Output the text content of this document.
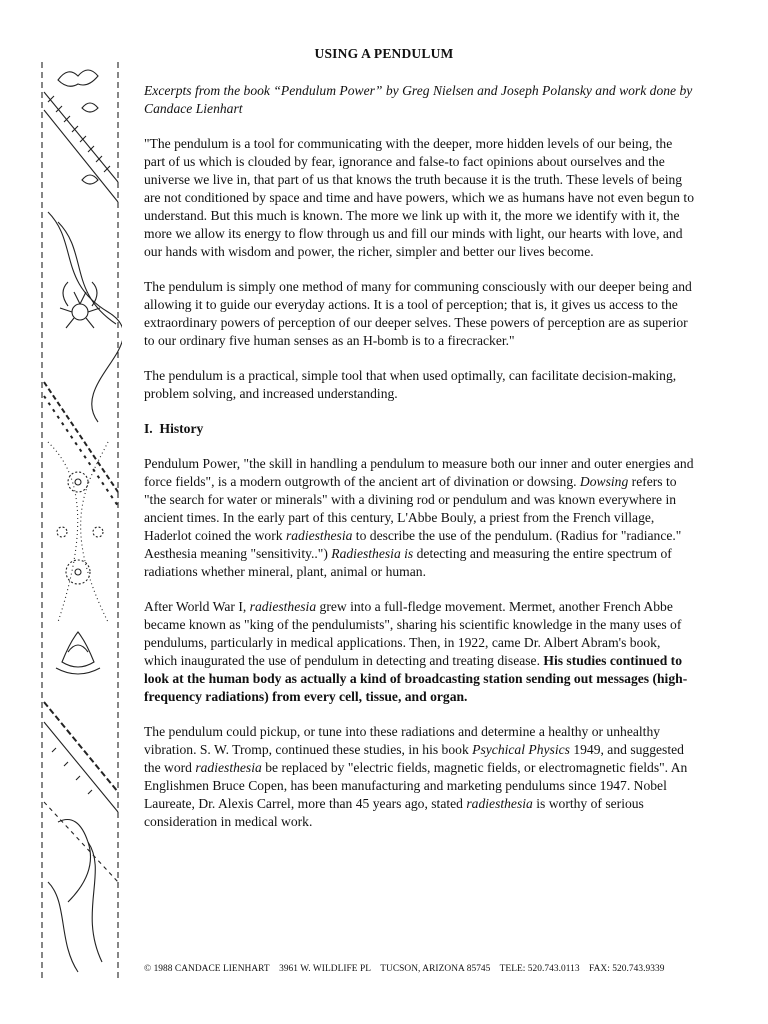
USING A PENDULUM

Excerpts from the book “Pendulum Power” by Greg Nielsen and Joseph Polansky and work done by Candace Lienhart

"The pendulum is a tool for communicating with the deeper, more hidden levels of our being, the part of us which is clouded by fear, ignorance and false-to fact opinions about ourselves and the universe we live in, that part of us that knows the truth because it is the truth. These levels of being are not conditioned by space and time and have powers, which we as humans have not even begun to understand. But this much is known. The more we link up with it, the more we identify with it, the more we allow its energy to flow through us and fill our minds with light, our hearts with love, and our hands with wisdom and power, the richer, simpler and better our lives become.

The pendulum is simply one method of many for communing consciously with our deeper being and allowing it to guide our everyday actions. It is a tool of perception; that is, it gives us access to the extraordinary powers of perception of our deeper selves. These powers of perception are as superior to our ordinary five human senses as an H-bomb is to a firecracker."

The pendulum is a practical, simple tool that when used optimally, can facilitate decision-making, problem solving, and increased understanding.

I. History

Pendulum Power, "the skill in handling a pendulum to measure both our inner and outer energies and force fields", is a modern outgrowth of the ancient art of divination or dowsing. Dowsing refers to "the search for water or minerals" with a divining rod or pendulum and was known everywhere in ancient times. In the early part of this century, L'Abbe Bouly, a priest from the French village, Haderlot coined the work radiesthesia to describe the use of the pendulum. (Radius for "radiance." Aesthesia meaning "sensitivity..") Radiesthesia is detecting and measuring the entire spectrum of radiations whether mineral, plant, animal or human.

After World War I, radiesthesia grew into a full-fledge movement. Mermet, another French Abbe became known as "king of the pendulumists", sharing his scientific knowledge in the many uses of pendulums, particularly in medical applications. Then, in 1922, came Dr. Albert Abram's book, which inaugurated the use of pendulum in detecting and treating disease. His studies continued to look at the human body as actually a kind of broadcasting station sending out messages (high-frequency radiations) from every cell, tissue, and organ.

The pendulum could pickup, or tune into these radiations and determine a healthy or unhealthy vibration. S. W. Tromp, continued these studies, in his book Psychical Physics 1949, and suggested the word radiesthesia be replaced by "electric fields, magnetic fields, or electromagnetic fields". An Englishmen Bruce Copen, has been manufacturing and marketing pendulums since 1947. Nobel Laureate, Dr. Alexis Carrel, more than 45 years ago, stated radiesthesia is worthy of serious consideration in medical work.

© 1988 CANDACE LIENHART 3961 W. WILDLIFE PL TUCSON, ARIZONA 85745 TELE: 520.743.0113 FAX: 520.743.9339
